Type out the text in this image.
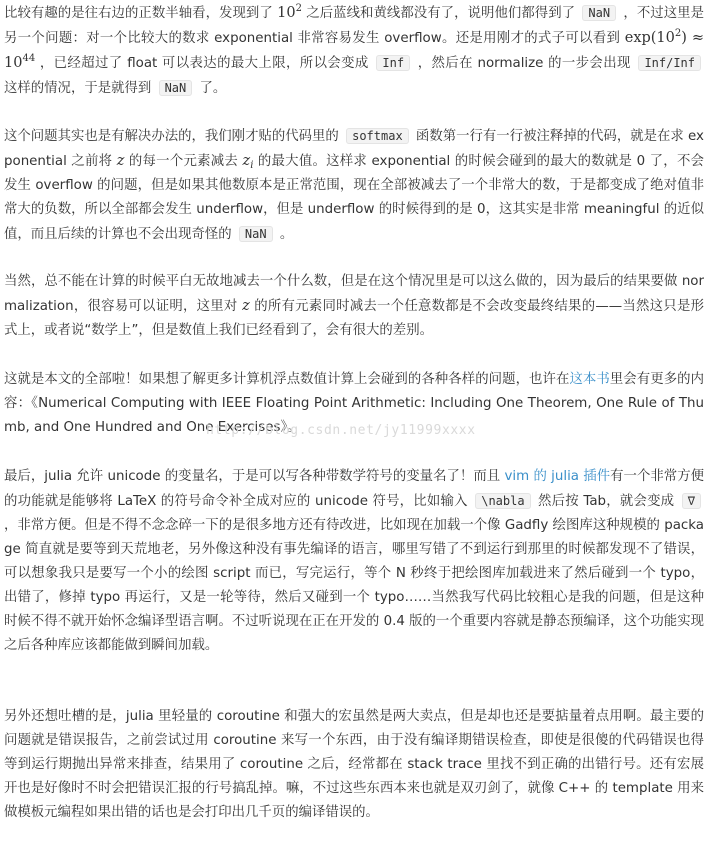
比较有趣的是往右边的正数半轴看，发现到了 $10^2$ 之后蓝线和黄线都没有了，说明他们都得到了 NaN ，不过这里是另一个问题：对一个比较大的数求 exponential 非常容易发生 overflow。还是用刚才的式子可以看到 $\exp(10^2) \approx 10^{44}$ ，已经超过了 float 可以表达的最大上限，所以会变成 Inf ，然后在 normalize 的一步会出现 Inf/Inf 这样的情况，于是就得到 NaN 了。

这个问题其实也是有解决办法的，我们刚才贴的代码里的 softmax 函数第一行有一行被注释掉的代码，就是在求 exponential 之前将 z 的每一个元素减去 $z_i$ 的最大值。这样求 exponential 的时候会碰到的最大的数就是 0 了，不会发生 overflow 的问题，但是如果其他数原本是正常范围，现在全部被减去了一个非常大的数，于是都变成了绝对值非常大的负数，所以全部都会发生 underflow，但是 underflow 的时候得到的是 0，这其实是非常 meaningful 的近似值，而且后续的计算也不会出现奇怪的 NaN 。

当然，总不能在计算的时候平白无故地减去一个什么数，但是在这个情况里是可以这么做的，因为最后的结果要做 normalization，很容易可以证明，这里对 z 的所有元素同时减去一个任意数都是不会改变最终结果的——当然这只是形式上，或者说“数学上”，但是数值上我们已经看到了，会有很大的差别。

这就是本文的全部啦！如果想了解更多计算机浮点数值计算上会碰到的各种各样的问题，也许在这本书里会有更多的内容：《Numerical Computing with IEEE Floating Point Arithmetic: Including One Theorem, One Rule of Thumb, and One Hundred and One Exercises》。

最后，julia 允许 unicode 的变量名，于是可以写各种带数学符号的变量名了！而且 vim 的 julia 插件有一个非常方便的功能就是能够将 LaTeX 的符号命令补全成对应的 unicode 符号，比如输入 \nabla 然后按 Tab，就会变成 ∇ ，非常方便。但是不得不念念碎一下的是很多地方还有待改进，比如现在加载一个像 Gadfly 绘图库这种规模的 package 简直就是要等到天荒地老，另外像这种没有事先编译的语言，哪里写错了不到运行到那里的时候都发现不了错误，可以想象我只是要写一个小的绘图 script 而已，写完运行，等个 N 秒终于把绘图库加载进来了然后碰到一个 typo，出错了，修掉 typo 再运行，又是一轮等待，然后又碰到一个 typo……当然我写代码比较粗心是我的问题，但是这种时候不得不就开始怀念编译型语言啊。不过听说现在正在开发的 0.4 版的一个重要内容就是静态预编译，这个功能实现之后各种库应该都能做到瞬间加载。

另外还想吐槽的是，julia 里轻量的 coroutine 和强大的宏虽然是两大卖点，但是却也还是要掂量着点用啊。最主要的问题就是错误报告，之前尝试过用 coroutine 来写一个东西，由于没有编译期错误检查，即使是很傻的代码错误也得等到运行期抛出异常来排查，结果用了 coroutine 之后，经常都在 stack trace 里找不到正确的出错行号。还有宏展开也是好像时不时会把错误汇报的行号搞乱掉。嘛，不过这些东西本来也就是双刃剑了，就像 C++ 的 template 用来做模板元编程如果出错的话也是会打印出几千页的编译错误的。

http://blog.csdn.net/jy11999xxxx
